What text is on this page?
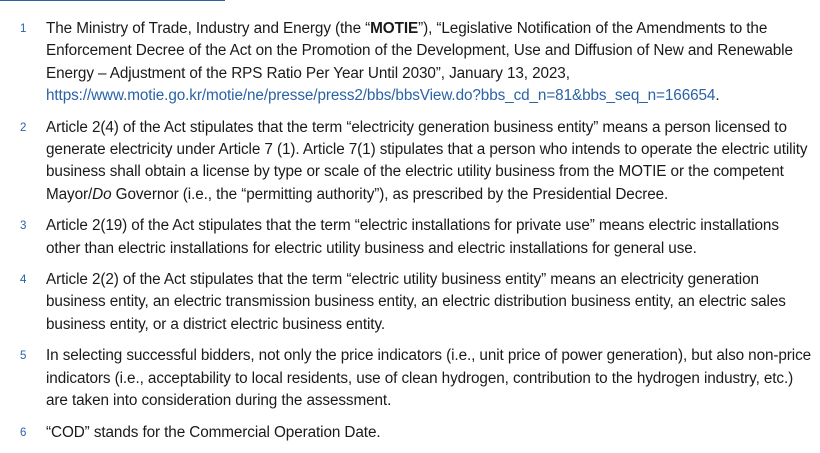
1	The Ministry of Trade, Industry and Energy (the “MOTIE”), “Legislative Notification of the Amendments to the Enforcement Decree of the Act on the Promotion of the Development, Use and Diffusion of New and Renewable Energy – Adjustment of the RPS Ratio Per Year Until 2030”, January 13, 2023,
https://www.motie.go.kr/motie/ne/presse/press2/bbs/bbsView.do?bbs_cd_n=81&bbs_seq_n=166654.
2	Article 2(4) of the Act stipulates that the term “electricity generation business entity” means a person licensed to generate electricity under Article 7 (1). Article 7(1) stipulates that a person who intends to operate the electric utility business shall obtain a license by type or scale of the electric utility business from the MOTIE or the competent Mayor/Do Governor (i.e., the “permitting authority”), as prescribed by the Presidential Decree.
3	Article 2(19) of the Act stipulates that the term “electric installations for private use” means electric installations other than electric installations for electric utility business and electric installations for general use.
4	Article 2(2) of the Act stipulates that the term “electric utility business entity” means an electricity generation business entity, an electric transmission business entity, an electric distribution business entity, an electric sales business entity, or a district electric business entity.
5	In selecting successful bidders, not only the price indicators (i.e., unit price of power generation), but also non-price indicators (i.e., acceptability to local residents, use of clean hydrogen, contribution to the hydrogen industry, etc.) are taken into consideration during the assessment.
6	“COD” stands for the Commercial Operation Date.
